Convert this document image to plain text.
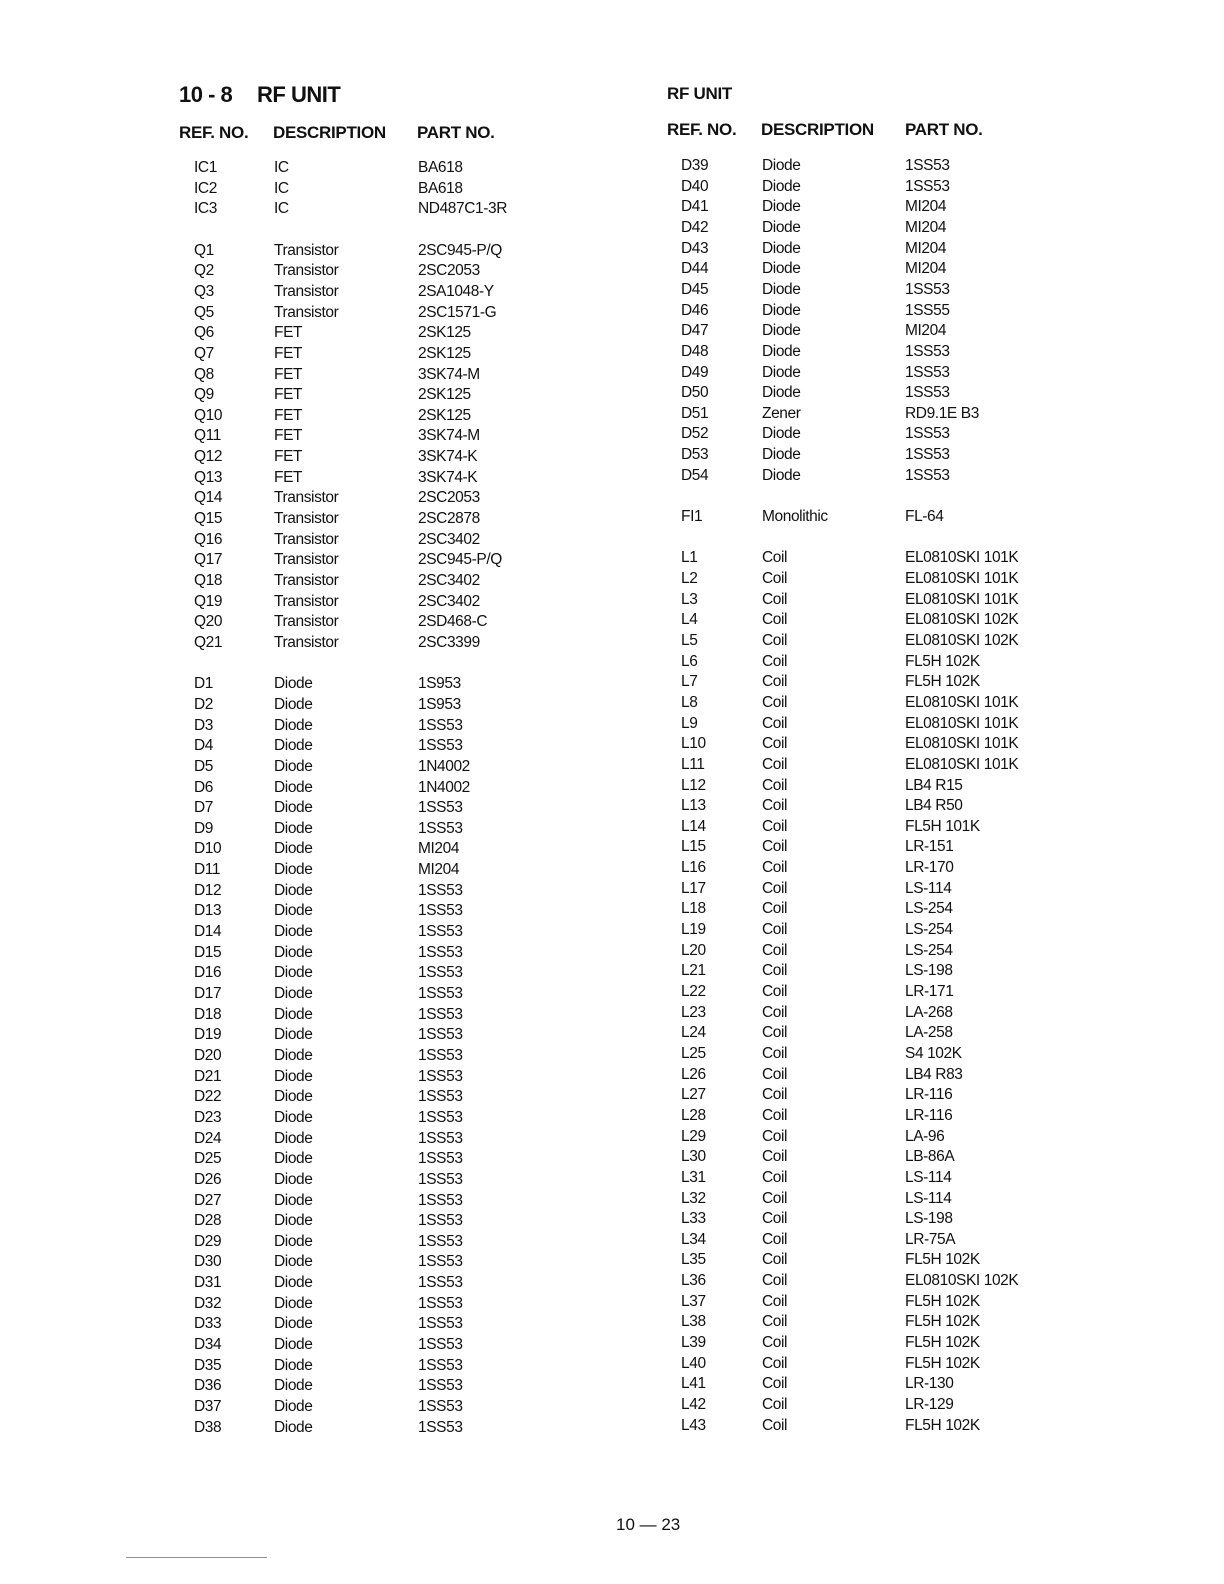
10 - 8 RF UNIT
REF. NO. DESCRIPTION PART NO.
RF UNIT
REF. NO. DESCRIPTION PART NO.
IC1	IC	BA618
IC2	IC	BA618
IC3	IC	ND487C1-3R
Q1	Transistor	2SC945-P/Q
Q2	Transistor	2SC2053
Q3	Transistor	2SA1048-Y
Q5	Transistor	2SC1571-G
Q6	FET	2SK125
Q7	FET	2SK125
Q8	FET	3SK74-M
Q9	FET	2SK125
Q10	FET	2SK125
Q11	FET	3SK74-M
Q12	FET	3SK74-K
Q13	FET	3SK74-K
Q14	Transistor	2SC2053
Q15	Transistor	2SC2878
Q16	Transistor	2SC3402
Q17	Transistor	2SC945-P/Q
Q18	Transistor	2SC3402
Q19	Transistor	2SC3402
Q20	Transistor	2SD468-C
Q21	Transistor	2SC3399
D1	Diode	1S953
D2	Diode	1S953
D3	Diode	1SS53
D4	Diode	1SS53
D5	Diode	1N4002
D6	Diode	1N4002
D7	Diode	1SS53
D9	Diode	1SS53
D10	Diode	MI204
D11	Diode	MI204
D12	Diode	1SS53
D13	Diode	1SS53
D14	Diode	1SS53
D15	Diode	1SS53
D16	Diode	1SS53
D17	Diode	1SS53
D18	Diode	1SS53
D19	Diode	1SS53
D20	Diode	1SS53
D21	Diode	1SS53
D22	Diode	1SS53
D23	Diode	1SS53
D24	Diode	1SS53
D25	Diode	1SS53
D26	Diode	1SS53
D27	Diode	1SS53
D28	Diode	1SS53
D29	Diode	1SS53
D30	Diode	1SS53
D31	Diode	1SS53
D32	Diode	1SS53
D33	Diode	1SS53
D34	Diode	1SS53
D35	Diode	1SS53
D36	Diode	1SS53
D37	Diode	1SS53
D38	Diode	1SS53
D39	Diode	1SS53
D40	Diode	1SS53
D41	Diode	MI204
D42	Diode	MI204
D43	Diode	MI204
D44	Diode	MI204
D45	Diode	1SS53
D46	Diode	1SS55
D47	Diode	MI204
D48	Diode	1SS53
D49	Diode	1SS53
D50	Diode	1SS53
D51	Zener	RD9.1E B3
D52	Diode	1SS53
D53	Diode	1SS53
D54	Diode	1SS53
FI1	Monolithic	FL-64
L1	Coil	EL0810SKI 101K
L2	Coil	EL0810SKI 101K
L3	Coil	EL0810SKI 101K
L4	Coil	EL0810SKI 102K
L5	Coil	EL0810SKI 102K
L6	Coil	FL5H 102K
L7	Coil	FL5H 102K
L8	Coil	EL0810SKI 101K
L9	Coil	EL0810SKI 101K
L10	Coil	EL0810SKI 101K
L11	Coil	EL0810SKI 101K
L12	Coil	LB4 R15
L13	Coil	LB4 R50
L14	Coil	FL5H 101K
L15	Coil	LR-151
L16	Coil	LR-170
L17	Coil	LS-114
L18	Coil	LS-254
L19	Coil	LS-254
L20	Coil	LS-254
L21	Coil	LS-198
L22	Coil	LR-171
L23	Coil	LA-268
L24	Coil	LA-258
L25	Coil	S4 102K
L26	Coil	LB4 R83
L27	Coil	LR-116
L28	Coil	LR-116
L29	Coil	LA-96
L30	Coil	LB-86A
L31	Coil	LS-114
L32	Coil	LS-114
L33	Coil	LS-198
L34	Coil	LR-75A
L35	Coil	FL5H 102K
L36	Coil	EL0810SKI 102K
L37	Coil	FL5H 102K
L38	Coil	FL5H 102K
L39	Coil	FL5H 102K
L40	Coil	FL5H 102K
L41	Coil	LR-130
L42	Coil	LR-129
L43	Coil	FL5H 102K
10 — 23
